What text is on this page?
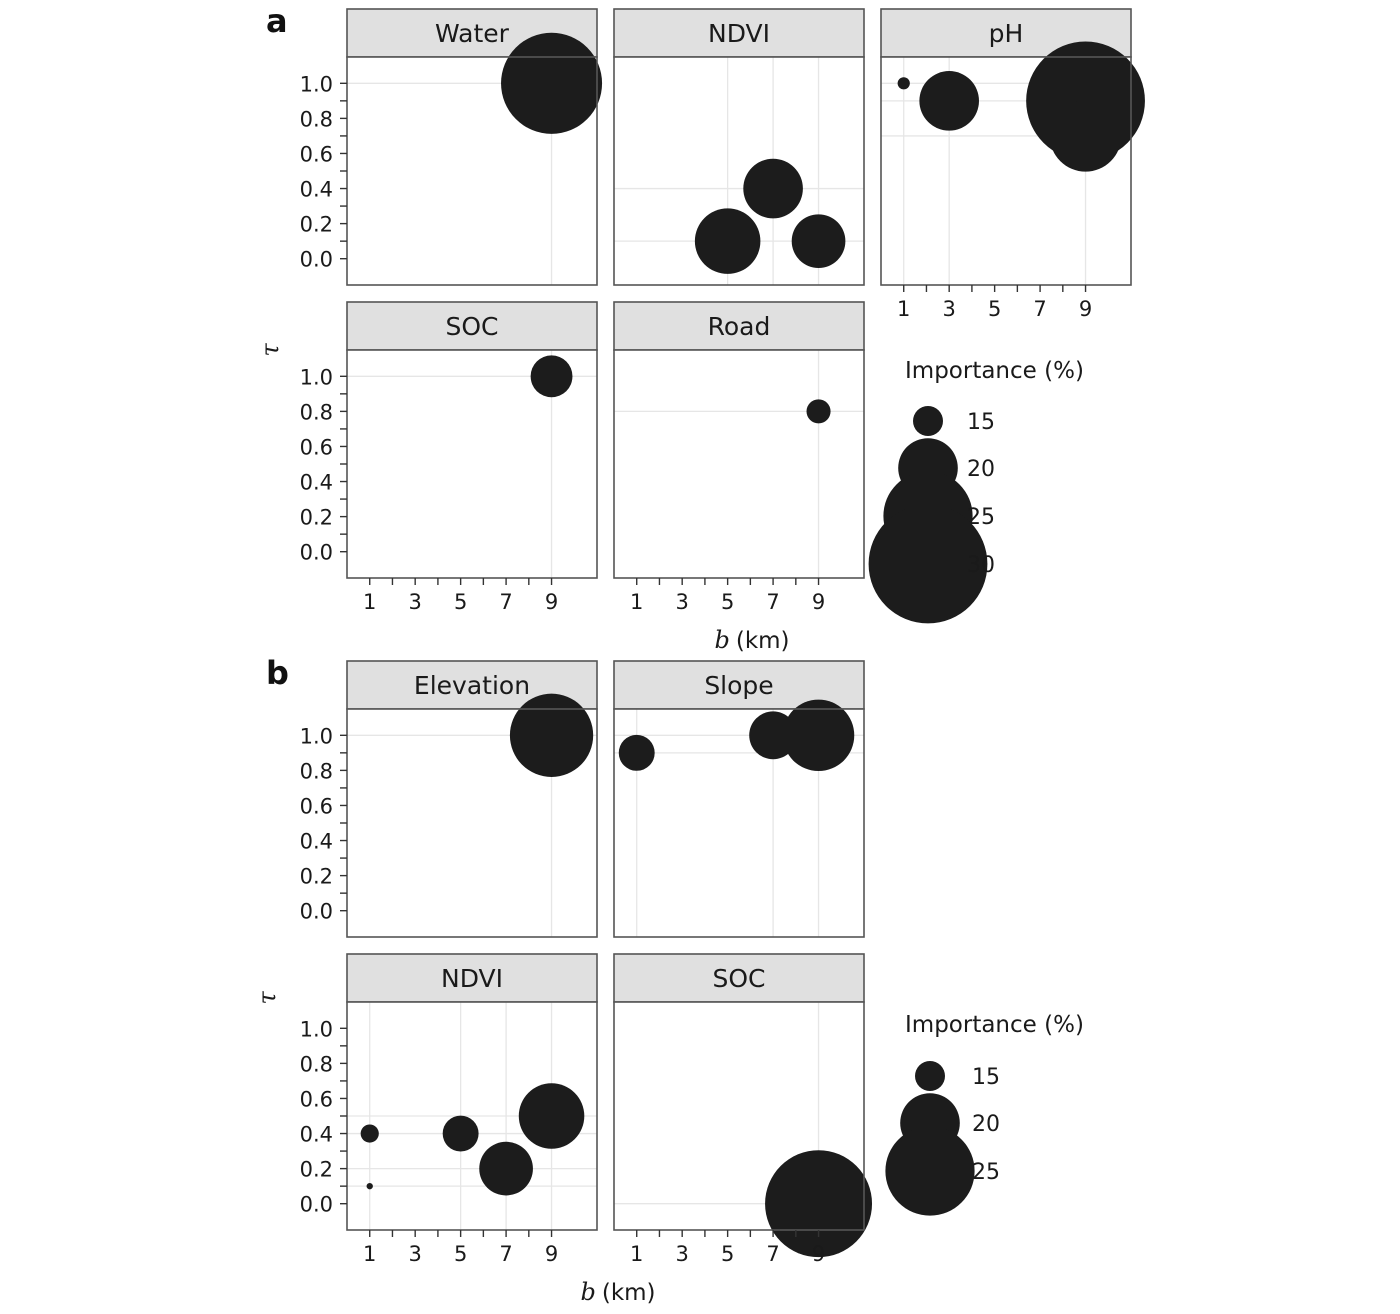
a	Water
0.0
0.2
0.4
0.6
0.8
1.0
NDVI	pH
1 3 5 7 9
SOC
0.0
0.2
0.4
0.6
0.8
1.0
1 3 5 7 9
Road
1 3 5 7 9
τ
b (km)
Importance (%)
15
20
25
30
b	Elevation
0.0
0.2
0.4
0.6
0.8
1.0
Slope
NDVI
0.0
0.2
0.4
0.6
0.8
1.0
1 3 5 7 9
SOC
1 3 5 7 9
τ
b (km)
Importance (%)
15
20
25
